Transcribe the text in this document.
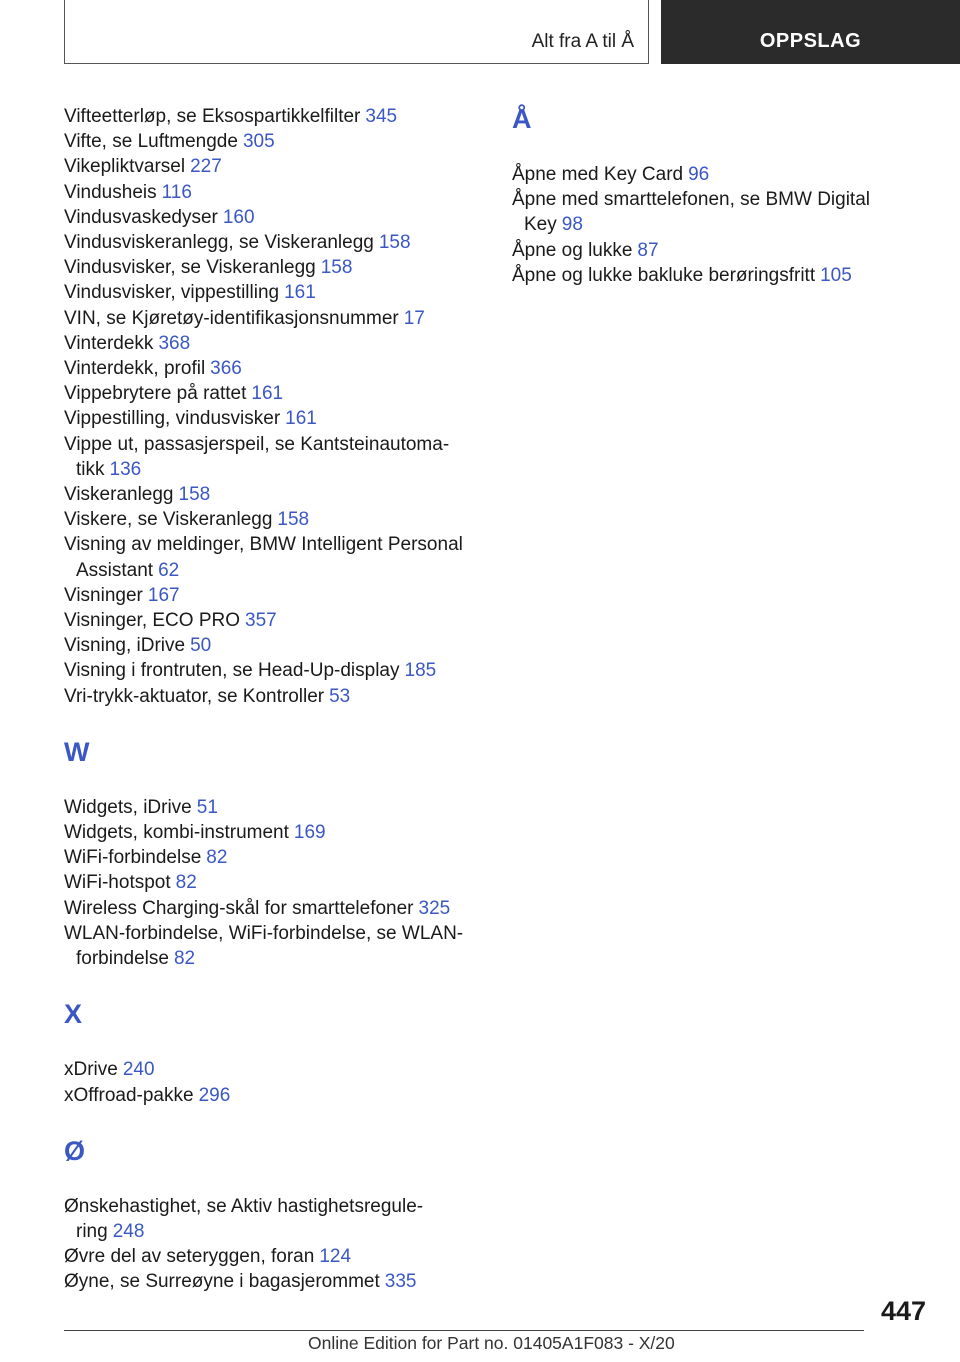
Alt fra A til Å	OPPSLAG
Vifteetterløp, se Eksospartikkelfilter 345
Vifte, se Luftmengde 305
Vikepliktvarsel 227
Vindusheis 116
Vindusvaskedyser 160
Vindusviskeranlegg, se Viskeranlegg 158
Vindusvisker, se Viskeranlegg 158
Vindusvisker, vippestilling 161
VIN, se Kjøretøy-identifikasjonsnummer 17
Vinterdekk 368
Vinterdekk, profil 366
Vippebrytere på rattet 161
Vippestilling, vindusvisker 161
Vippe ut, passasjerspeil, se Kantsteinautoma‐ tikk 136
Viskeranlegg 158
Viskere, se Viskeranlegg 158
Visning av meldinger, BMW Intelligent Personal Assistant 62
Visninger 167
Visninger, ECO PRO 357
Visning, iDrive 50
Visning i frontruten, se Head-Up-display 185
Vri-trykk-aktuator, se Kontroller 53
W
Widgets, iDrive 51
Widgets, kombi-instrument 169
WiFi-forbindelse 82
WiFi-hotspot 82
Wireless Charging-skål for smarttelefoner 325
WLAN-forbindelse, WiFi-forbindelse, se WLAN- forbindelse 82
X
xDrive 240
xOffroad-pakke 296
Ø
Ønskehastighet, se Aktiv hastighetsregule‐ ring 248
Øvre del av seteryggen, foran 124
Øyne, se Surreøyne i bagasjerommet 335
Å
Åpne med Key Card 96
Åpne med smarttelefonen, se BMW Digital Key 98
Åpne og lukke 87
Åpne og lukke bakluke berøringsfritt 105
447
Online Edition for Part no. 01405A1F083 - X/20
